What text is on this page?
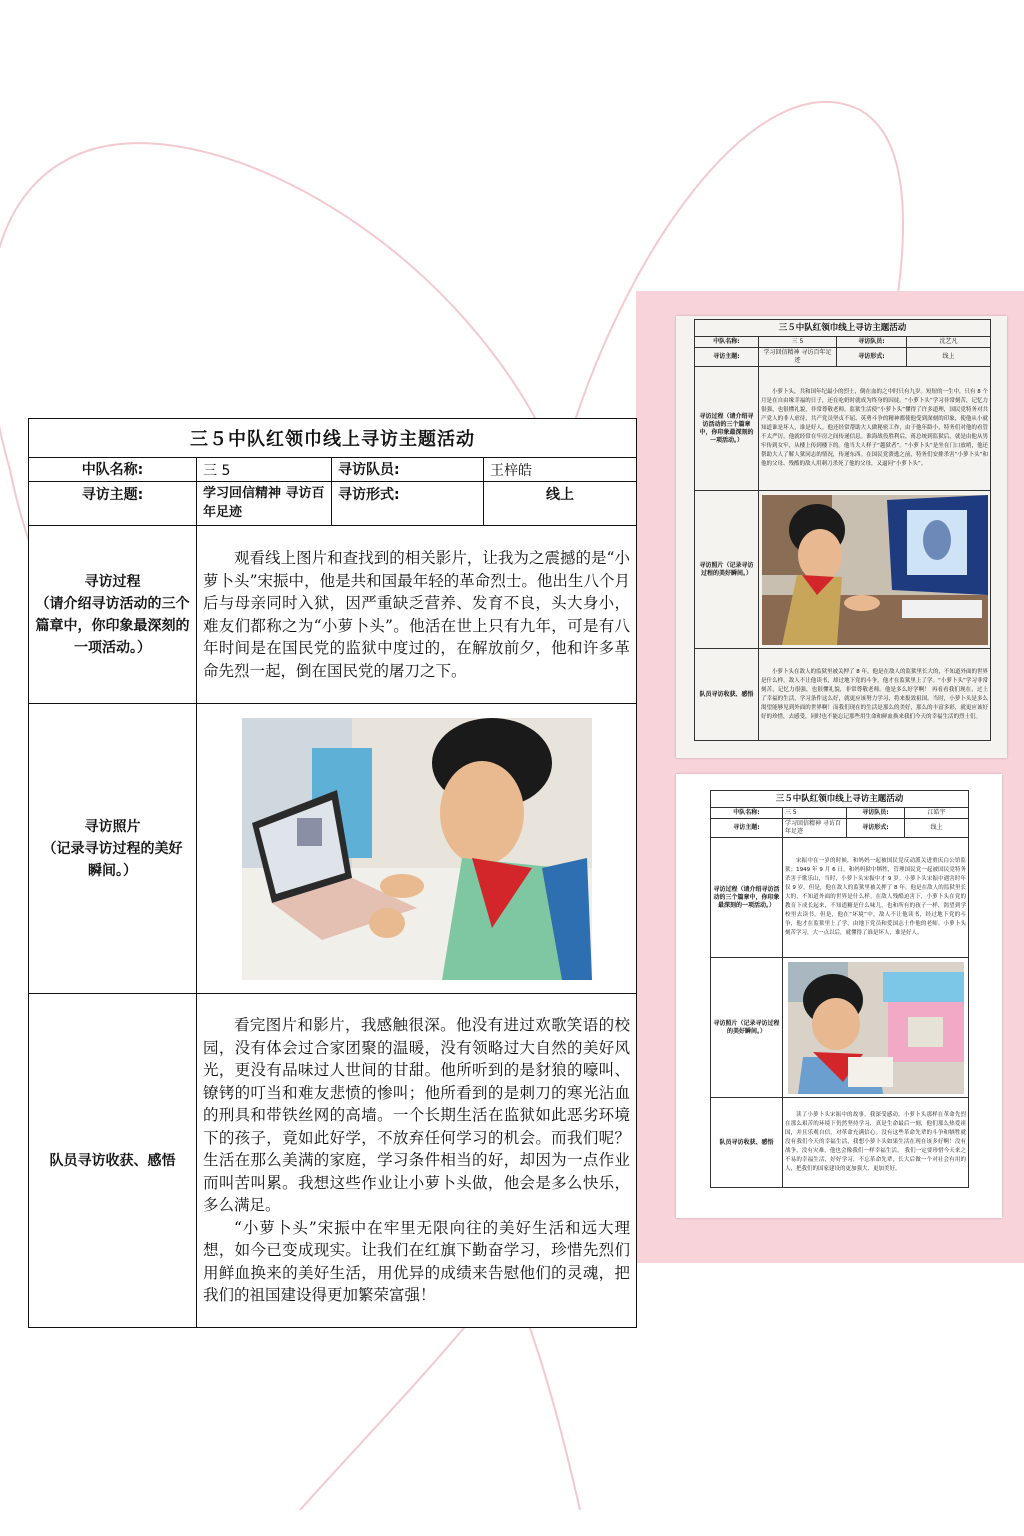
三５中队红领巾线上寻访主题活动			
中队名称:	三 5	寻访队员:	王梓皓
寻访主题:	学习回信精神 寻访百年足迹	寻访形式:	线上

寻访过程
（请介绍寻访活动的三个篇章中，你印象最深刻的一项活动。）	观看线上图片和查找到的相关影片，让我为之震撼的是“小萝卜头”宋振中，他是共和国最年轻的革命烈士。他出生八个月后与母亲同时入狱，因严重缺乏营养、发育不良，头大身小，难友们都称之为“小萝卜头”。他活在世上只有九年，可是有八年时间是在国民党的监狱中度过的，在解放前夕，他和许多革命先烈一起，倒在国民党的屠刀之下。		

寻访照片
（记录寻访过程的美好瞬间。）

队员寻访收获、感悟	看完图片和影片，我感触很深。他没有进过欢歌笑语的校园，没有体会过合家团聚的温暖，没有领略过大自然的美好风光，更没有品味过人世间的甘甜。他所听到的是豺狼的嚎叫、镣铐的叮当和难友悲愤的惨叫；他所看到的是刺刀的寒光沾血的刑具和带铁丝网的高墙。一个长期生活在监狱如此恶劣环境下的孩子，竟如此好学，不放弃任何学习的机会。而我们呢？生活在那么美满的家庭，学习条件相当的好，却因为一点作业而叫苦叫累。我想这些作业让小萝卜头做，他会是多么快乐，多么满足。

“小萝卜头”宋振中在牢里无限向往的美好生活和远大理想，如今已变成现实。让我们在红旗下勤奋学习，珍惜先烈们用鲜血换来的美好生活，用优异的成绩来告慰他们的灵魂，把我们的祖国建设得更加繁荣富强！		

三５中队红领巾线上寻访主题活动			
中队名称:	三 5	寻访队员:	沈艺凡
寻访主题:	学习回信精神 寻访百年足迹	寻访形式:	线上
寻访过程（请介绍寻访活动的三个篇章中，你印象最深刻的一项活动。）	小萝卜头，共和国年纪最小的烈士，倒在血的之中时只有九岁。短短的一生中，只有 8 个月是在自由缘幸福的日子，还在吃奶时就成为终身的囚徒。“小萝卜头”学习非常刻苦，记忆力很强，也很懂礼貌，非常尊敬老师。监狱生活使“小萝卜头”懂得了许多道理，国民党特务对共产党人的非人虐待，共产党员坚贞不屈、英勇斗争的精神都使他受到深刻的印象，使他从小就知道谁是坏人，谁是好人。他还经常帮助大人做秘密工作，由于他年龄小，特务们对他的看管不太严厉，他就经常在牢房之间传递信息。淮海战役胜利后，蒋总统到监狱后，就是由他从男牢传到女牢，从楼上传到楼下的。他当大人样子“越狱者”。“小萝卜头”是坐在门口放哨，他还帮助大人了解人狱同志的情况，传递东西。在国民党溃逃之前，特务们安排杀害“小萝卜头”和他的父母、残酷的敌人用刺刀杀死了他的父母，又逼问“小萝卜头”。		

寻访照片（记录寻访过程的美好瞬间。）	

队员寻访收获、感悟	小萝卜头在敌人的监狱里被关押了 8 年，他是在敌人的监狱里长大的，不知道外面的世界是什么样，敌人不让他读书，却过地下党的斗争，他才在监狱里上了学。“小萝卜头”学习非常刻苦，记忆力很强，也很懂礼貌，非常尊敬老师。他是多么好学啊！ 再看看我们现在，过上了幸福的生活，学习条件这么好，就更应该努力学习，将来报效祖国。当时，小萝卜头是多么渴望能够见到外面的世界啊！而我们现在的生活是那么的美好，那么的丰富多彩，就更应该好好的珍惜，去感受，同时也不能忘记那些用生命和鲜血换来我们今天的幸福生活的烈士们。		

三５中队红领巾线上寻访主题活动			
中队名称:	三 5	寻访队员:	江皓宇
寻访主题:	学习回信精神 寻访百年足迹	寻访形式:	线上
寻访过程（请介绍寻访活动的三个篇章中，你印象最深刻的一项活动。）	宋振中在一岁的时候，和妈妈一起被国民党反动派关进重庆白公馆监狱；1949 年 9 月 6 日，和妈妈狱中牺牲，管理国民党一起被国民党特务杀害于歌乐山，当时，小萝卜头宋振中才 9 岁。小萝卜头宋振中遇害时年仅 9 岁。但是，他在敌人的监狱里被关押了 8 年。他是在敌人的监狱里长大的，不知道外面的世界是什么样。在敌人残酷迫害下，小萝卜头在党的教育下成长起来，不知道糖是什么味儿，也和所有的孩子一样，渴望到学校里去读书。但是，他在“坏境”中，敌人不让他读书，经过地下党的斗争，他才在监狱里上了学，由地下党员和爱国志士作他的老师。小萝卜头刻苦学习，大一点以后，就懂得了谁是坏人，谁是好人。		

寻访照片（记录寻访过程的美好瞬间。）	

队员寻访收获、感悟	读了小萝卜头宋振中的故事，我深受感动。小萝卜头那样在革命先烈在那么艰苦的环境下仍然坚持学习，真是生命最后一刻，他们那么热爱祖国，并且乐观自信，对革命充满信心。没有这些革命先辈的斗争和牺牲就没有我们今天的幸福生活，我想小萝卜头如果生活在现在该多好啊！没有战争，没有灾难，他也会像我们一样幸福生活。 我们一定要珍惜今天来之不易的幸福生活，好好学习，不忘革命先辈，长大后做一个对社会有用的人，把我们的国家建设的更加强大、更加美好。		
